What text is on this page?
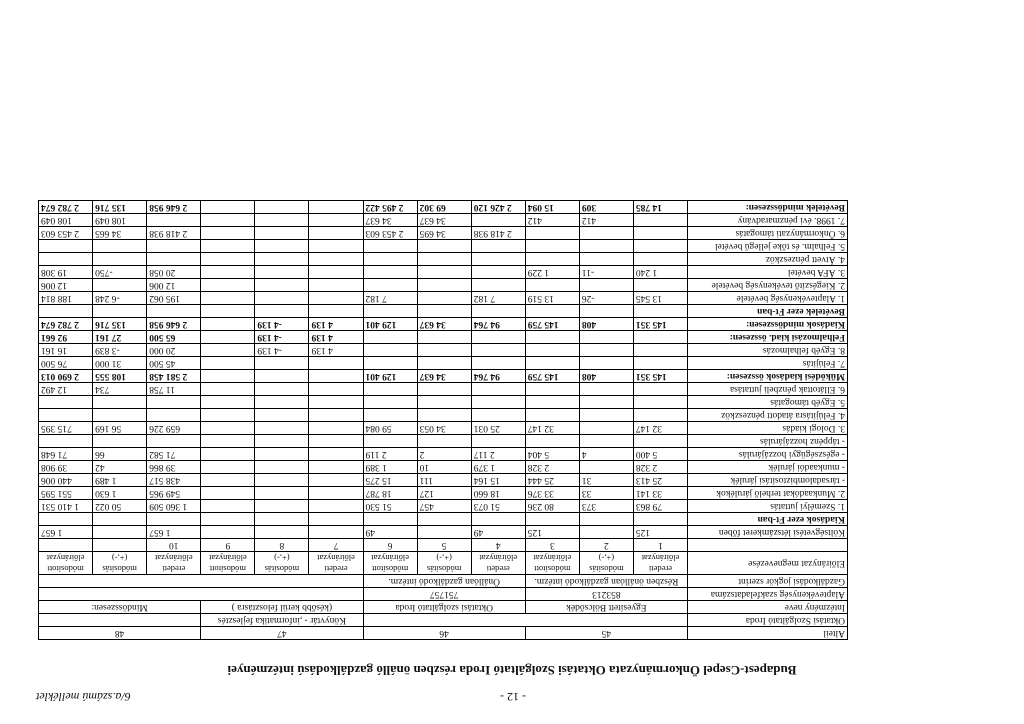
- 12 -
6/a.számú melléklet
Budapest-Csepel Önkormányzata Oktatási Szolgáltató Iroda részben önálló gazdálkodású intézményei
Alteil	45			46			47			48		
Oktatási Szolgáltató Iroda							Könyvtár - ,informatika fejlesztés					
Intézmény neve	Egyesített Bölcsődék			Oktatási szolgáltató Iroda			(később kerül felosztásra )			Mindösszesen:		
Alaptevékenység szakfeladatszáma	853213			751757								
Gazdálkodási jogkör szerint	Részben önállóan gazdálkodó intézm.			Önállóan gazdálkodó intézm.								
Előirányzat megnevezése	eredeti előirányzat	módosítás (+,-)	módosított előirányzat	eredeti előirányzat	módosítás (+,-)	módosított előirányzat	eredeti előirányzat	módosítás (+,-)	módosított előirányzat	eredeti előirányzat	módosítás (+,-)	módosított előirányzat
	1	2	3	4	5	6	7	8	9	10		
Költségvetési létszámkeret főben	125		125	49		49				1 657		1 657
Kiadások ezer Ft-ban												
1. Személyi juttatás	79 863	373	80 236	51 073	457	51 530				1 360 509	50 022	1 410 531
2. Munkaadókat terhelő járulékok	33 141	33	33 376	18 660	127	18 787				549 965	1 630	551 595
- társadalombiztosítási járulék	25 413	31	25 444	15 164	111	15 275				438 517	1 489	440 006
- munkaadói járulék	2 328		2 328	1 379	10	1 389				39 866	42	39 908
- egészségügyi hozzájárulás	5 400	4	5 404	2 117	2	2 119				71 582	66	71 648
- táppénz hozzájárulás												
3. Dologi kiadás	32 147		32 147	25 031	34 053	59 084				659 226	56 169	715 395
4. Felújításra átadott pénzeszköz												
5. Egyéb támogatás												
6. Ellátottak pénzbeli juttatása										11 758	734	12 492
Működési kiadások összesen:	145 351	408	145 759	94 764	34 637	129 401				2 581 458	108 555	2 690 013
7. Felújítás										45 500	31 000	76 500
8. Egyéb felhalmozás							4 139	-4 139		20 000	-3 839	16 161
Felhalmozási kiad. összesen:							4 139	-4 139		65 500	27 161	92 661
Kiadások mindösszesen:	145 351	408	145 759	94 764	34 637	129 401	4 139	-4 139		2 646 958	135 716	2 782 674
Bevételek ezer Ft-ban												
1. Alaptevékenység bevétele	13 545	-26	13 519	7 182		7 182				195 062	-6 248	188 814
2. Kiegészítő tevékenység bevétele										12 006		12 006
3. ÁFA bevétel	1 240	-11	1 229							20 058	-750	19 308
4. Átvett pénzeszköz												
5. Felhalm. és tőke jellegű bevétel												
6. Önkormányzati támogatás				2 418 938	34 695	2 453 603				2 418 938	34 665	2 453 603
7. 1998. évi pénzmaradvány		412	412		34 637	34 637					108 049	108 049
Bevételek mindösszesen:	14 785	309	15 094	2 426 120	69 302	2 495 422				2 646 958	135 716	2 782 674
